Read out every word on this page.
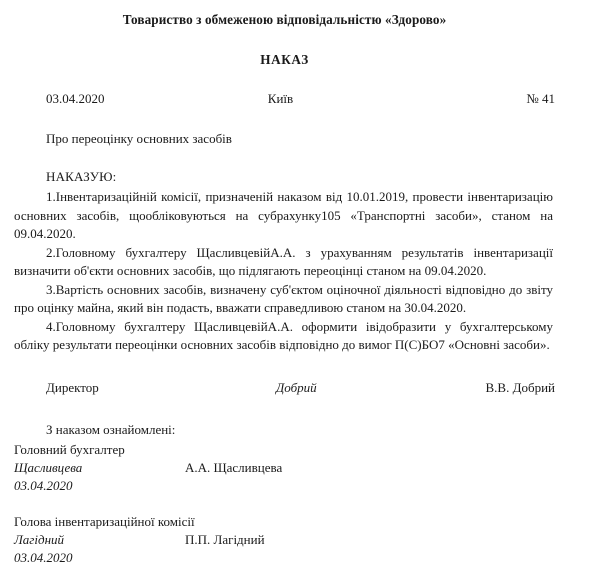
Товариство з обмеженою відповідальністю «Здорово»
НАКАЗ
03.04.2020	Київ	№ 41
Про переоцінку основних засобів
НАКАЗУЮ:

1.Інвентаризаційній комісії, призначеній наказом від 10.01.2019, провести інвентаризацію основних засобів, щообліковуються на субрахунку105 «Транспортні засоби», станом на 09.04.2020.

2.Головному бухгалтеру ЩасливцевійА.А. з урахуванням результатів інвентаризації визначити об'єкти основних засобів, що підлягають переоцінці станом на 09.04.2020.

3.Вартість основних засобів, визначену суб'єктом оціночної діяльності відповідно до звіту про оцінку майна, який він подасть, вважати справедливою станом на 30.04.2020.

4.Головному бухгалтеру ЩасливцевійА.А. оформити івідобразити у бухгалтерському обліку результати переоцінки основних засобів відповідно до вимог П(С)БО7 «Основні засоби».

Директор	Добрий	В.В. Добрий
З наказом ознайомлені:
Головний бухгалтер
Щасливцева	А.А. Щасливцева
03.04.2020
Голова інвентаризаційної комісії
Лагідний	П.П. Лагідний
03.04.2020
